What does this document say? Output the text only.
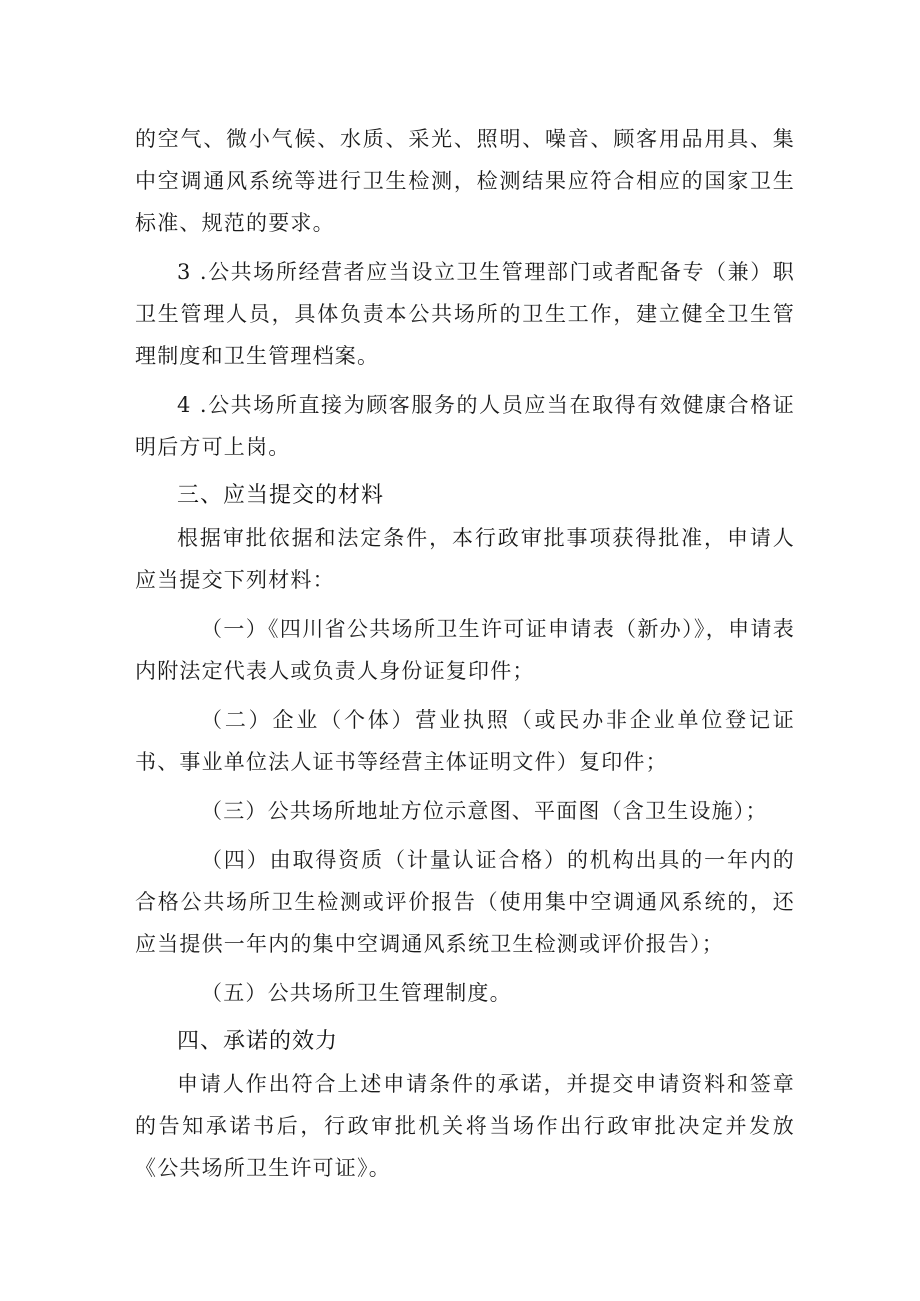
的空气、微小气候、水质、采光、照明、噪音、顾客用品用具、集中空调通风系统等进行卫生检测，检测结果应符合相应的国家卫生标准、规范的要求。

3 .公共场所经营者应当设立卫生管理部门或者配备专（兼）职卫生管理人员，具体负责本公共场所的卫生工作，建立健全卫生管理制度和卫生管理档案。

4 .公共场所直接为顾客服务的人员应当在取得有效健康合格证明后方可上岗。

三、应当提交的材料

根据审批依据和法定条件，本行政审批事项获得批准，申请人应当提交下列材料：

（一）《四川省公共场所卫生许可证申请表（新办）》，申请表内附法定代表人或负责人身份证复印件；

（二）企业（个体）营业执照（或民办非企业单位登记证书、事业单位法人证书等经营主体证明文件）复印件；

（三）公共场所地址方位示意图、平面图（含卫生设施）；

（四）由取得资质（计量认证合格）的机构出具的一年内的合格公共场所卫生检测或评价报告（使用集中空调通风系统的，还应当提供一年内的集中空调通风系统卫生检测或评价报告）；

（五）公共场所卫生管理制度。

四、承诺的效力

申请人作出符合上述申请条件的承诺，并提交申请资料和签章的告知承诺书后，行政审批机关将当场作出行政审批决定并发放《公共场所卫生许可证》。
